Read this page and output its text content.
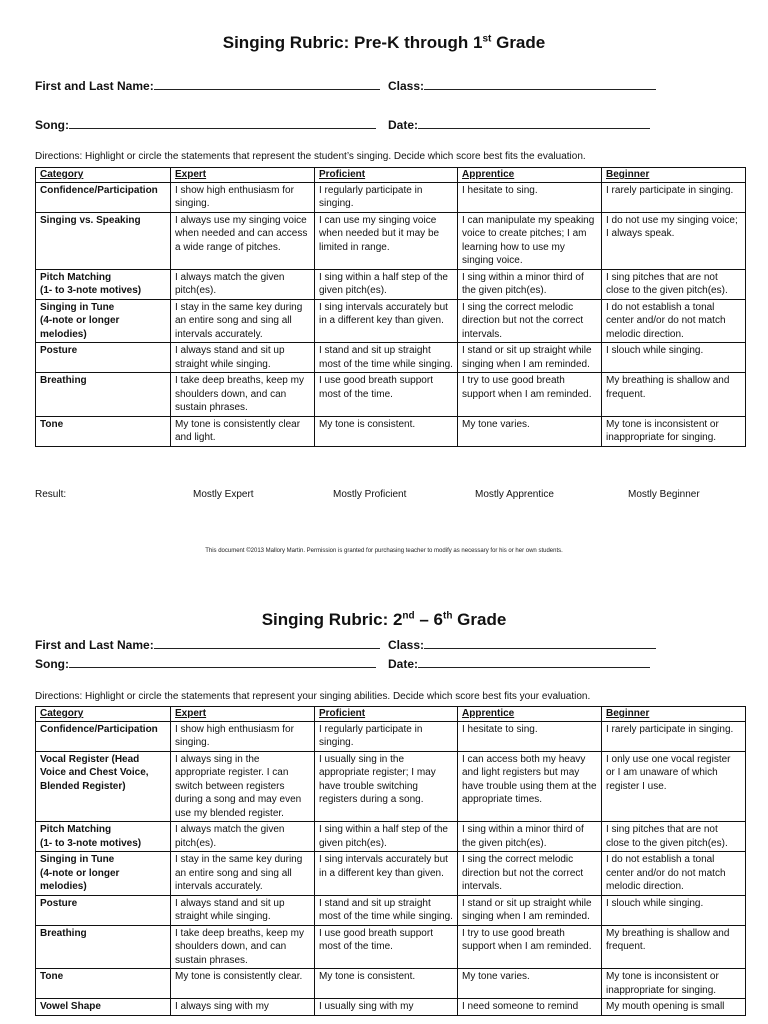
Singing Rubric: Pre-K through 1st Grade
First and Last Name:	Class:
Song:	Date:
Directions: Highlight or circle the statements that represent the student’s singing. Decide which score best fits the evaluation.
Category	Expert	Proficient	Apprentice	Beginner
Confidence/Participation	I show high enthusiasm for singing.	I regularly participate in singing.	I hesitate to sing.	I rarely participate in singing.
Singing vs. Speaking	I always use my singing voice when needed and can access a wide range of pitches.	I can use my singing voice when needed but it may be limited in range.	I can manipulate my speaking voice to create pitches; I am learning how to use my singing voice.	I do not use my singing voice; I always speak.
Pitch Matching
(1- to 3-note motives)	I always match the given pitch(es).	I sing within a half step of the given pitch(es).	I sing within a minor third of the given pitch(es).	I sing pitches that are not close to the given pitch(es).
Singing in Tune
(4-note or longer melodies)	I stay in the same key during an entire song and sing all intervals accurately.	I sing intervals accurately but in a different key than given.	I sing the correct melodic direction but not the correct intervals.	I do not establish a tonal center and/or do not match melodic direction.
Posture	I always stand and sit up straight while singing.	I stand and sit up straight most of the time while singing.	I stand or sit up straight while singing when I am reminded.	I slouch while singing.
Breathing	I take deep breaths, keep my shoulders down, and can sustain phrases.	I use good breath support most of the time.	I try to use good breath support when I am reminded.	My breathing is shallow and frequent.
Tone	My tone is consistently clear and light.	My tone is consistent.	My tone varies.	My tone is inconsistent or inappropriate for singing.
Result:	Mostly Expert	Mostly Proficient	Mostly Apprentice	Mostly Beginner
This document ©2013 Mallory Martin. Permission is granted for purchasing teacher to modify as necessary for his or her own students.
Singing Rubric: 2nd – 6th Grade
First and Last Name:	Class:
Song:	Date:
Directions: Highlight or circle the statements that represent your singing abilities. Decide which score best fits your evaluation.
Category	Expert	Proficient	Apprentice	Beginner
Confidence/Participation	I show high enthusiasm for singing.	I regularly participate in singing.	I hesitate to sing.	I rarely participate in singing.
Vocal Register (Head Voice and Chest Voice, Blended Register)	I always sing in the appropriate register. I can switch between registers during a song and may even use my blended register.	I usually sing in the appropriate register; I may have trouble switching registers during a song.	I can access both my heavy and light registers but may have trouble using them at the appropriate times.	I only use one vocal register or I am unaware of which register I use.
Pitch Matching
(1- to 3-note motives)	I always match the given pitch(es).	I sing within a half step of the given pitch(es).	I sing within a minor third of the given pitch(es).	I sing pitches that are not close to the given pitch(es).
Singing in Tune
(4-note or longer melodies)	I stay in the same key during an entire song and sing all intervals accurately.	I sing intervals accurately but in a different key than given.	I sing the correct melodic direction but not the correct intervals.	I do not establish a tonal center and/or do not match melodic direction.
Posture	I always stand and sit up straight while singing.	I stand and sit up straight most of the time while singing.	I stand or sit up straight while singing when I am reminded.	I slouch while singing.
Breathing	I take deep breaths, keep my shoulders down, and can sustain phrases.	I use good breath support most of the time.	I try to use good breath support when I am reminded.	My breathing is shallow and frequent.
Tone	My tone is consistently clear.	My tone is consistent.	My tone varies.	My tone is inconsistent or inappropriate for singing.
Vowel Shape	I always sing with my	I usually sing with my	I need someone to remind	My mouth opening is small
